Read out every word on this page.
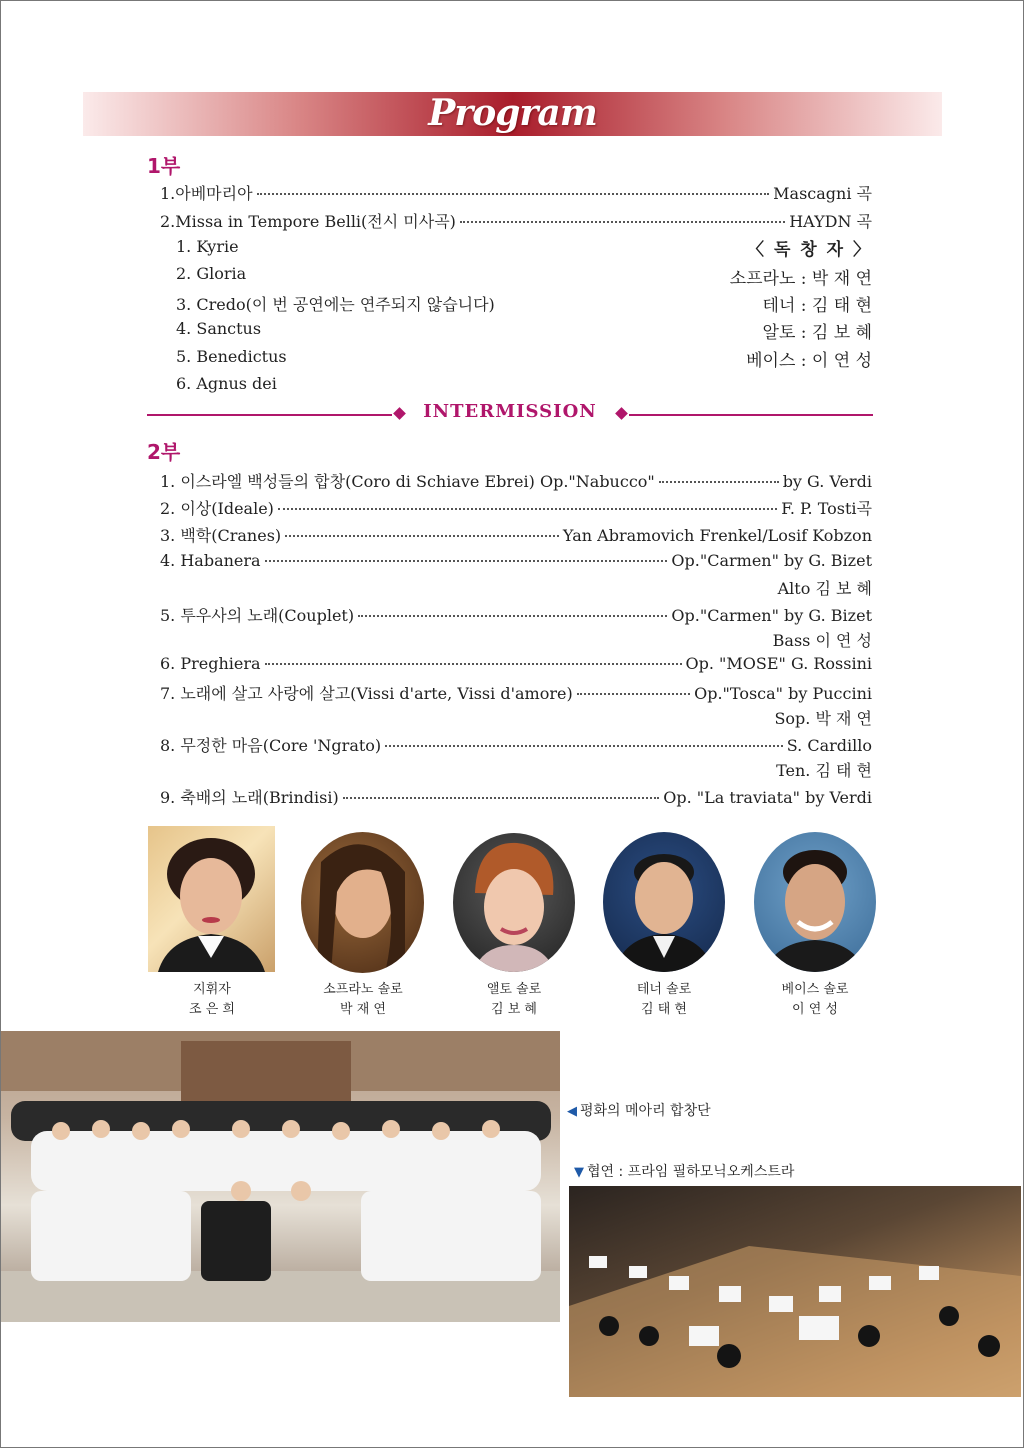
Program
1부
1.아베마리아	Mascagni 곡
2.Missa in Tempore Belli(전시 미사곡)	HAYDN 곡
1. Kyrie
2. Gloria
3. Credo(이 번 공연에는 연주되지 않습니다)
4. Sanctus
5. Benedictus
6. Agnus dei
〈 독 창 자 〉
소프라노 : 박 재 연
테너 : 김 태 현
알토 : 김 보 혜
베이스 : 이 연 성
INTERMISSION
2부
1. 이스라엘 백성들의 합창(Coro di Schiave Ebrei) Op."Nabucco"	by G. Verdi
2. 이상(Ideale)	F. P. Tosti곡
3. 백학(Cranes)	Yan Abramovich Frenkel/Losif Kobzon
4. Habanera	Op."Carmen" by G. Bizet
Alto 김 보 혜
5. 투우사의 노래(Couplet)	Op."Carmen" by G. Bizet
Bass 이 연 성
6. Preghiera	Op. "MOSE" G. Rossini
7. 노래에 살고 사랑에 살고(Vissi d'arte, Vissi d'amore)	Op."Tosca" by Puccini
Sop. 박 재 연
8. 무정한 마음(Core 'Ngrato)	S. Cardillo
Ten. 김 태 현
9. 축배의 노래(Brindisi)	Op. "La traviata" by Verdi
지휘자
조 은 희
소프라노 솔로
박 재 연
앨토 솔로
김 보 혜
테너 솔로
김 태 현
베이스 솔로
이 연 성
◀ 평화의 메아리 합창단
▼ 협연 : 프라임 필하모닉오케스트라
